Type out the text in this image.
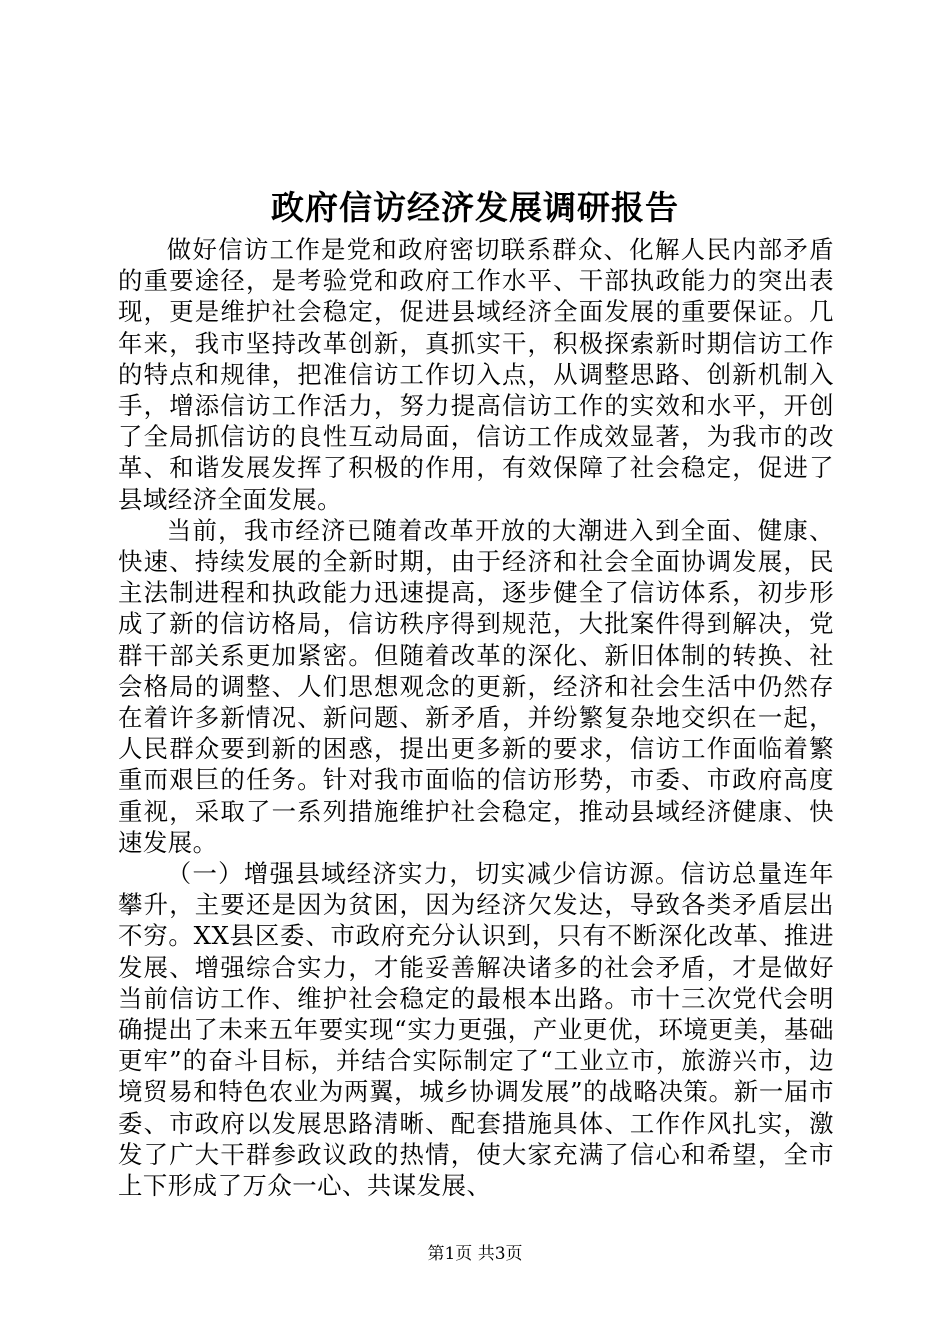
政府信访经济发展调研报告

做好信访工作是党和政府密切联系群众、化解人民内部矛盾的重要途径，是考验党和政府工作水平、干部执政能力的突出表现，更是维护社会稳定，促进县域经济全面发展的重要保证。几年来，我市坚持改革创新，真抓实干，积极探索新时期信访工作的特点和规律，把准信访工作切入点，从调整思路、创新机制入手，增添信访工作活力，努力提高信访工作的实效和水平，开创了全局抓信访的良性互动局面，信访工作成效显著，为我市的改革、和谐发展发挥了积极的作用，有效保障了社会稳定，促进了县域经济全面发展。

当前，我市经济已随着改革开放的大潮进入到全面、健康、快速、持续发展的全新时期，由于经济和社会全面协调发展，民主法制进程和执政能力迅速提高，逐步健全了信访体系，初步形成了新的信访格局，信访秩序得到规范，大批案件得到解决，党群干部关系更加紧密。但随着改革的深化、新旧体制的转换、社会格局的调整、人们思想观念的更新，经济和社会生活中仍然存在着许多新情况、新问题、新矛盾，并纷繁复杂地交织在一起，人民群众要到新的困惑，提出更多新的要求，信访工作面临着繁重而艰巨的任务。针对我市面临的信访形势，市委、市政府高度重视，采取了一系列措施维护社会稳定，推动县域经济健康、快速发展。

（一）增强县域经济实力，切实减少信访源。信访总量连年攀升，主要还是因为贫困，因为经济欠发达，导致各类矛盾层出不穷。XX县区委、市政府充分认识到，只有不断深化改革、推进发展、增强综合实力，才能妥善解决诸多的社会矛盾，才是做好当前信访工作、维护社会稳定的最根本出路。市十三次党代会明确提出了未来五年要实现“实力更强，产业更优，环境更美，基础更牢”的奋斗目标，并结合实际制定了“工业立市，旅游兴市，边境贸易和特色农业为两翼，城乡协调发展”的战略决策。新一届市委、市政府以发展思路清晰、配套措施具体、工作作风扎实，激发了广大干群参政议政的热情，使大家充满了信心和希望，全市上下形成了万众一心、共谋发展、

第1页 共3页
